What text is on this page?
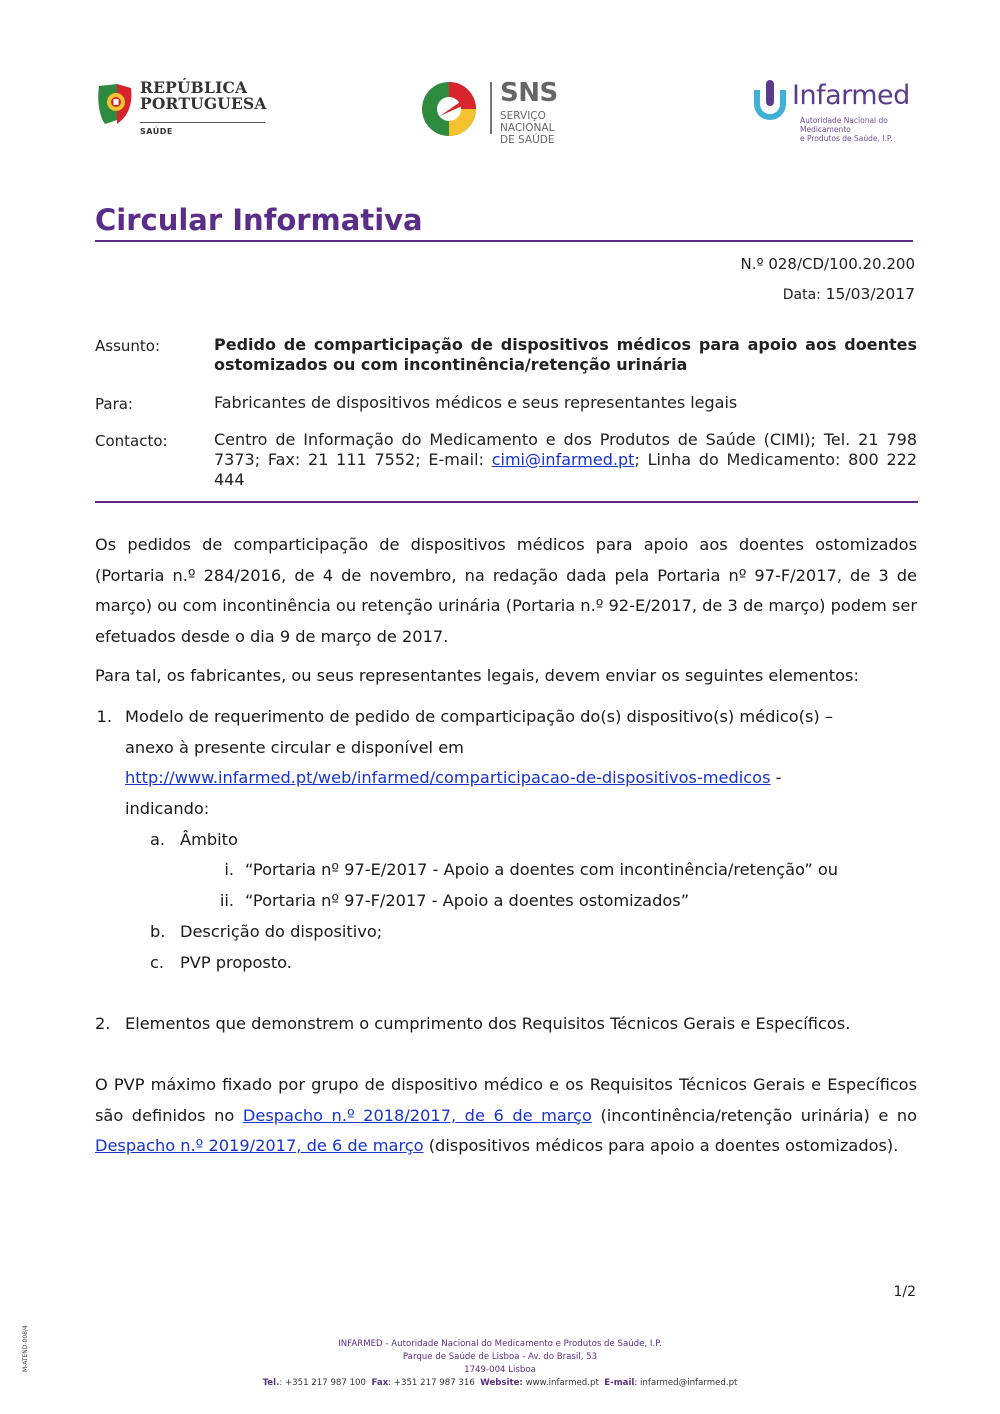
REPÚBLICA
PORTUGUESA
SAÚDE
SNS
SERVIÇO NACIONAL
DE SAÚDE
Infarmed
Autoridade Nacional do Medicamento
e Produtos de Saúde, I.P.
Circular Informativa
N.º 028/CD/100.20.200
Data: 15/03/2017
Assunto:	Pedido de comparticipação de dispositivos médicos para apoio aos doentes ostomizados ou com incontinência/retenção urinária
Para:	Fabricantes de dispositivos médicos e seus representantes legais
Contacto:	Centro de Informação do Medicamento e dos Produtos de Saúde (CIMI); Tel. 21 798 7373; Fax: 21 111 7552; E-mail: cimi@infarmed.pt; Linha do Medicamento: 800 222 444
Os pedidos de comparticipação de dispositivos médicos para apoio aos doentes ostomizados (Portaria n.º 284/2016, de 4 de novembro, na redação dada pela Portaria nº 97-F/2017, de 3 de março) ou com incontinência ou retenção urinária (Portaria n.º 92-E/2017, de 3 de março) podem ser efetuados desde o dia 9 de março de 2017.
Para tal, os fabricantes, ou seus representantes legais, devem enviar os seguintes elementos:
1. Modelo de requerimento de pedido de comparticipação do(s) dispositivo(s) médico(s) –
anexo à presente circular e disponível em
http://www.infarmed.pt/web/infarmed/comparticipacao-de-dispositivos-medicos -
indicando:
a. Âmbito
i. “Portaria nº 97-E/2017 - Apoio a doentes com incontinência/retenção” ou
ii. “Portaria nº 97-F/2017 - Apoio a doentes ostomizados”
b. Descrição do dispositivo;
c. PVP proposto.
2. Elementos que demonstrem o cumprimento dos Requisitos Técnicos Gerais e Específicos.
O PVP máximo fixado por grupo de dispositivo médico e os Requisitos Técnicos Gerais e Específicos são definidos no Despacho n.º 2018/2017, de 6 de março (incontinência/retenção urinária) e no Despacho n.º 2019/2017, de 6 de março (dispositivos médicos para apoio a doentes ostomizados).
1/2
INFARMED - Autoridade Nacional do Medicamento e Produtos de Saúde, I.P.
Parque de Saúde de Lisboa - Av. do Brasil, 53
1749-004 Lisboa
Tel.: +351 217 987 100 Fax: +351 217 987 316 Website: www.infarmed.pt E-mail: infarmed@infarmed.pt
M-ATEND-008/4
